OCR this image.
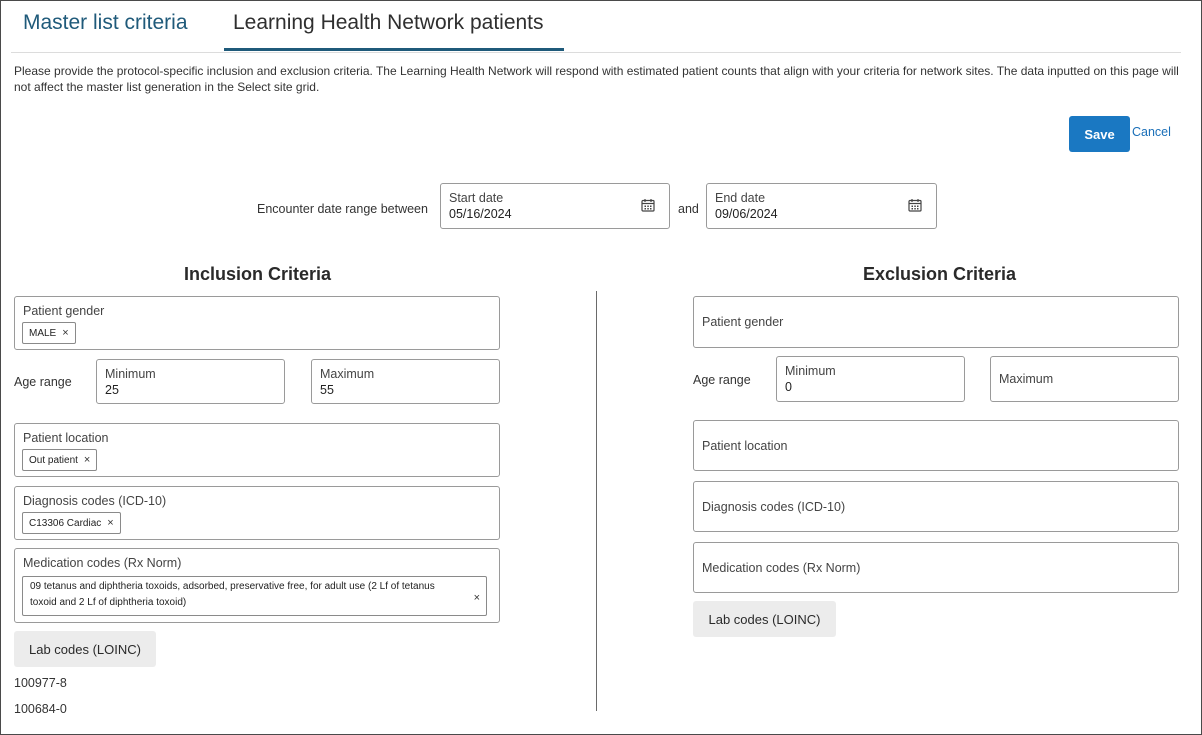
Master list criteria Learning Health Network patients
Please provide the protocol-specific inclusion and exclusion criteria. The Learning Health Network will respond with estimated patient counts that align with your criteria for network sites. The data inputted on this page will not affect the master list generation in the Select site grid.
Save	Cancel
Encounter date range between
Start date
05/16/2024	and
End date
09/06/2024
Inclusion Criteria
Patient gender
MALE ×
Age range
Minimum
25
Maximum
55
Patient location
Out patient ×
Diagnosis codes (ICD-10)
C13306 Cardiac ×
Medication codes (Rx Norm)
09 tetanus and diphtheria toxoids, adsorbed, preservative free, for adult use (2 Lf of tetanus toxoid and 2 Lf of diphtheria toxoid)	×
Lab codes (LOINC)
100977-8
100684-0
Exclusion Criteria
Patient gender
Age range
Minimum
0
Maximum
Patient location
Diagnosis codes (ICD-10)
Medication codes (Rx Norm)
Lab codes (LOINC)
